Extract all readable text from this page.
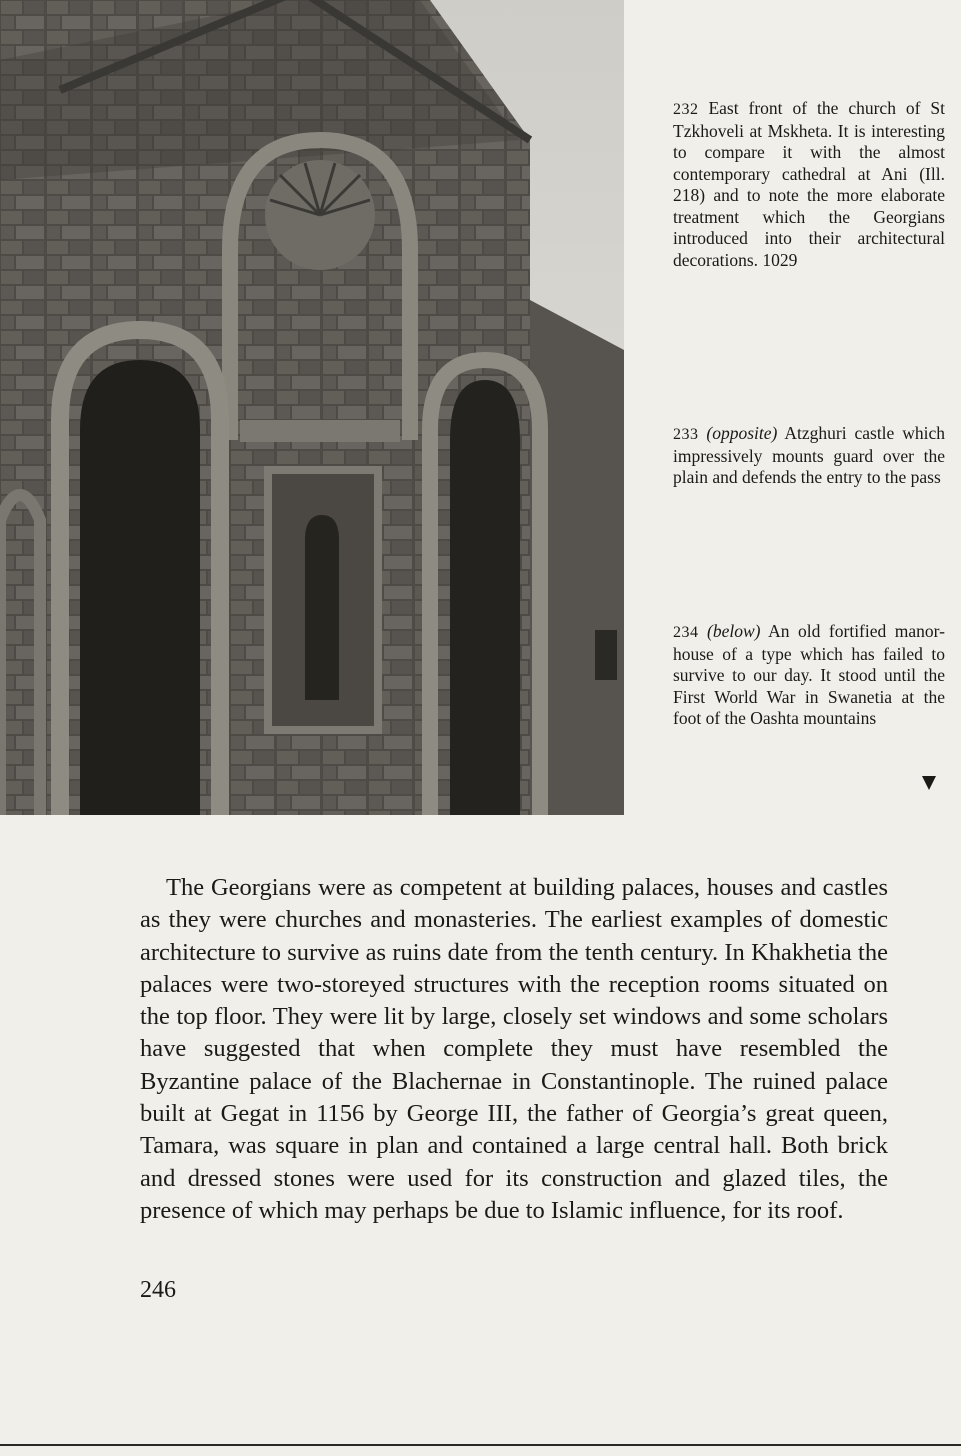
232 East front of the church of St Tzkhoveli at Mskheta. It is interesting to compare it with the almost contemporary cathedral at Ani (Ill. 218) and to note the more elaborate treatment which the Georgians introduced into their architectural decorations. 1029

233 (opposite) Atzghuri castle which impressively mounts guard over the plain and defends the entry to the pass

234 (below) An old fortified manor-house of a type which has failed to survive to our day. It stood until the First World War in Swanetia at the foot of the Oashta mountains

The Georgians were as competent at building palaces, houses and castles as they were churches and monasteries. The earliest examples of domestic architecture to survive as ruins date from the tenth century. In Khakhetia the palaces were two-storeyed structures with the reception rooms situated on the top floor. They were lit by large, closely set windows and some scholars have suggested that when complete they must have resembled the Byzantine palace of the Blachernae in Constantinople. The ruined palace built at Gegat in 1156 by George III, the father of Georgia’s great queen, Tamara, was square in plan and contained a large central hall. Both brick and dressed stones were used for its construction and glazed tiles, the presence of which may perhaps be due to Islamic influence, for its roof.

246
